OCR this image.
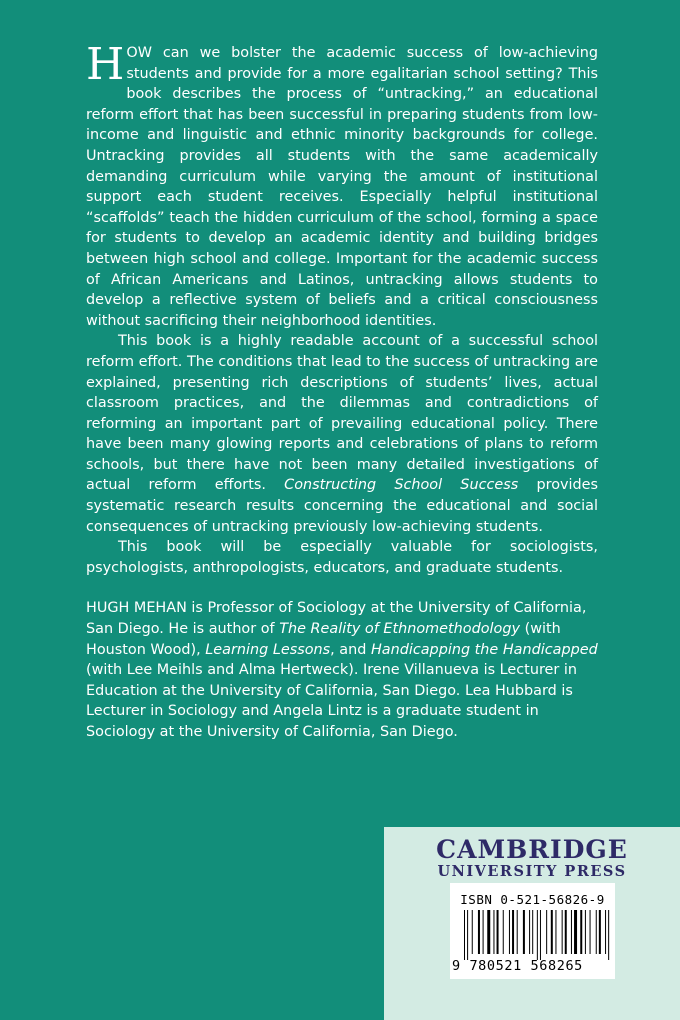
HOW can we bolster the academic success of low-achieving students and provide for a more egalitarian school setting? This book describes the process of “untracking,” an educational reform effort that has been successful in preparing students from low-income and linguistic and ethnic minority backgrounds for college. Untracking provides all students with the same academically demanding curriculum while varying the amount of institutional support each student receives. Especially helpful institutional “scaffolds” teach the hidden curriculum of the school, forming a space for students to develop an academic identity and building bridges between high school and college. Important for the academic success of African Americans and Latinos, untracking allows students to develop a reflective system of beliefs and a critical consciousness without sacrificing their neighborhood identities.

This book is a highly readable account of a successful school reform effort. The conditions that lead to the success of untracking are explained, presenting rich descriptions of students’ lives, actual classroom practices, and the dilemmas and contradictions of reforming an important part of prevailing educational policy. There have been many glowing reports and celebrations of plans to reform schools, but there have not been many detailed investigations of actual reform efforts. Constructing School Success provides systematic research results concerning the educational and social consequences of untracking previously low-achieving students.

This book will be especially valuable for sociologists, psychologists, anthropologists, educators, and graduate students.

HUGH MEHAN is Professor of Sociology at the University of California, San Diego. He is author of The Reality of Ethnomethodology (with Houston Wood), Learning Lessons, and Handicapping the Handicapped (with Lee Meihls and Alma Hertweck). Irene Villanueva is Lecturer in Education at the University of California, San Diego. Lea Hubbard is Lecturer in Sociology and Angela Lintz is a graduate student in Sociology at the University of California, San Diego.

CAMBRIDGE
UNIVERSITY PRESS
ISBN 0-521-56826-9
9 780521 568265
